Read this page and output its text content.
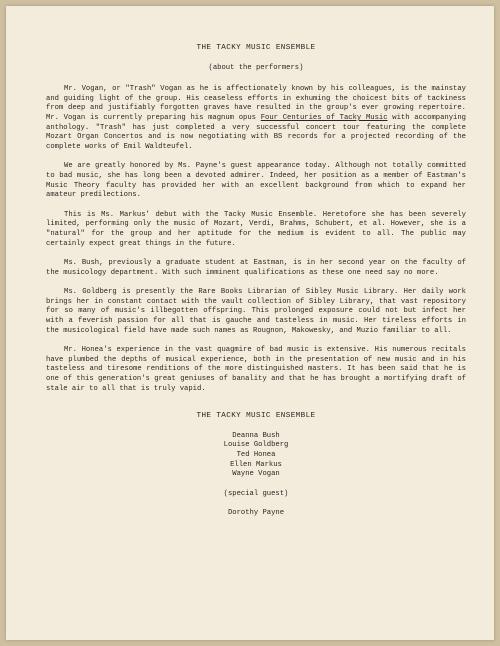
THE TACKY MUSIC ENSEMBLE
(about the performers)

Mr. Vogan, or "Trash" Vogan as he is affectionately known by his colleagues, is the mainstay and guiding light of the group. His ceaseless efforts in exhuming the choicest bits of tackiness from deep and justifiably forgotten graves have resulted in the group's ever growing repertoire. Mr. Vogan is currently preparing his magnum opus Four Centuries of Tacky Music with accompanying anthology. "Trash" has just completed a very successful concert tour featuring the complete Mozart Organ Concertos and is now negotiating with BS records for a projected recording of the complete works of Emil Waldteufel.

We are greatly honored by Ms. Payne's guest appearance today. Although not totally committed to bad music, she has long been a devoted admirer. Indeed, her position as a member of Eastman's Music Theory faculty has provided her with an excellent background from which to expand her amateur predilections.

This is Ms. Markus' debut with the Tacky Music Ensemble. Heretofore she has been severely limited, performing only the music of Mozart, Verdi, Brahms, Schubert, et al. However, she is a "natural" for the group and her aptitude for the medium is evident to all. The public may certainly expect great things in the future.

Ms. Bush, previously a graduate student at Eastman, is in her second year on the faculty of the musicology department. With such imminent qualifications as these one need say no more.

Ms. Goldberg is presently the Rare Books Librarian of Sibley Music Library. Her daily work brings her in constant contact with the vault collection of Sibley Library, that vast repository for so many of music's illbegotten offspring. This prolonged exposure could not but infect her with a feverish passion for all that is gauche and tasteless in music. Her tireless efforts in the musicological field have made such names as Rougnon, Makowesky, and Muzio familiar to all.

Mr. Honea's experience in the vast quagmire of bad music is extensive. His numerous recitals have plumbed the depths of musical experience, both in the presentation of new music and in his tasteless and tiresome renditions of the more distinguished masters. It has been said that he is one of this generation's great geniuses of banality and that he has brought a mortifying draft of stale air to all that is truly vapid.

THE TACKY MUSIC ENSEMBLE
Deanna Bush
Louise Goldberg
Ted Honea
Ellen Markus
Wayne Vogan
(special guest)
Dorothy Payne
